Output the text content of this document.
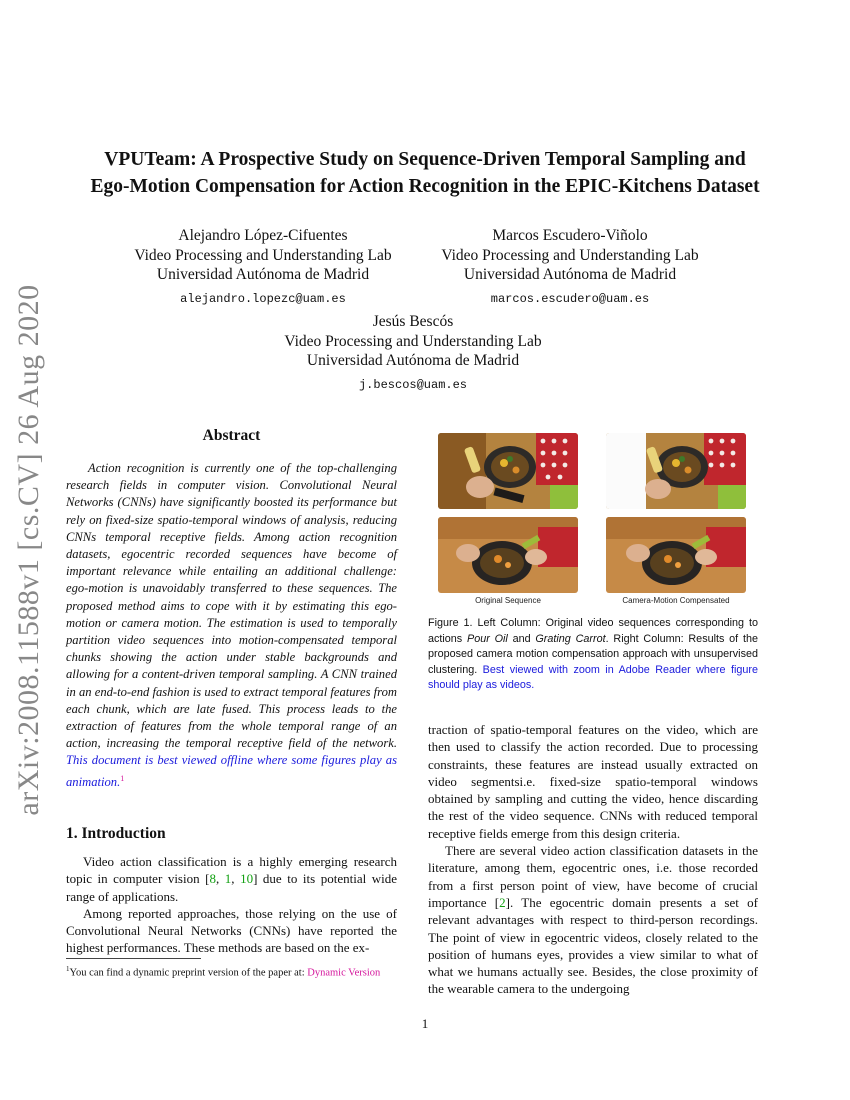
arXiv:2008.11588v1 [cs.CV] 26 Aug 2020
VPUTeam: A Prospective Study on Sequence-Driven Temporal Sampling and
Ego-Motion Compensation for Action Recognition in the EPIC-Kitchens Dataset
Alejandro López-Cifuentes
Video Processing and Understanding Lab
Universidad Autónoma de Madrid
alejandro.lopezc@uam.es
Marcos Escudero-Viñolo
Video Processing and Understanding Lab
Universidad Autónoma de Madrid
marcos.escudero@uam.es
Jesús Bescós
Video Processing and Understanding Lab
Universidad Autónoma de Madrid
j.bescos@uam.es
Abstract
Action recognition is currently one of the top-challenging research fields in computer vision. Convolutional Neural Networks (CNNs) have significantly boosted its performance but rely on fixed-size spatio-temporal windows of analysis, reducing CNNs temporal receptive fields. Among action recognition datasets, egocentric recorded sequences have become of important relevance while entailing an additional challenge: ego-motion is unavoidably transferred to these sequences. The proposed method aims to cope with it by estimating this ego-motion or camera motion. The estimation is used to temporally partition video sequences into motion-compensated temporal chunks showing the action under stable backgrounds and allowing for a content-driven temporal sampling. A CNN trained in an end-to-end fashion is used to extract temporal features from each chunk, which are late fused. This process leads to the extraction of features from the whole temporal range of an action, increasing the temporal receptive field of the network. This document is best viewed offline where some figures play as animation.$^1$
1. Introduction

Video action classification is a highly emerging research topic in computer vision [8, 1, 10] due to its potential wide range of applications.

Among reported approaches, those relying on the use of Convolutional Neural Networks (CNNs) have reported the highest performances. These methods are based on the ex-

$^1$You can find a dynamic preprint version of the paper at: Dynamic Version
Original Sequence	Camera-Motion Compensated
Figure 1. Left Column: Original video sequences corresponding to actions Pour Oil and Grating Carrot. Right Column: Results of the proposed camera motion compensation approach with unsupervised clustering. Best viewed with zoom in Adobe Reader where figure should play as videos.

traction of spatio-temporal features on the video, which are then used to classify the action recorded. Due to processing constraints, these features are instead usually extracted on video segmentsi.e. fixed-size spatio-temporal windows obtained by sampling and cutting the video, hence discarding the rest of the video sequence. CNNs with reduced temporal receptive fields emerge from this design criteria.

There are several video action classification datasets in the literature, among them, egocentric ones, i.e. those recorded from a first person point of view, have become of crucial importance [2]. The egocentric domain presents a set of relevant advantages with respect to third-person recordings. The point of view in egocentric videos, closely related to the position of humans eyes, provides a view similar to what of what we humans actually see. Besides, the close proximity of the wearable camera to the undergoing

1
